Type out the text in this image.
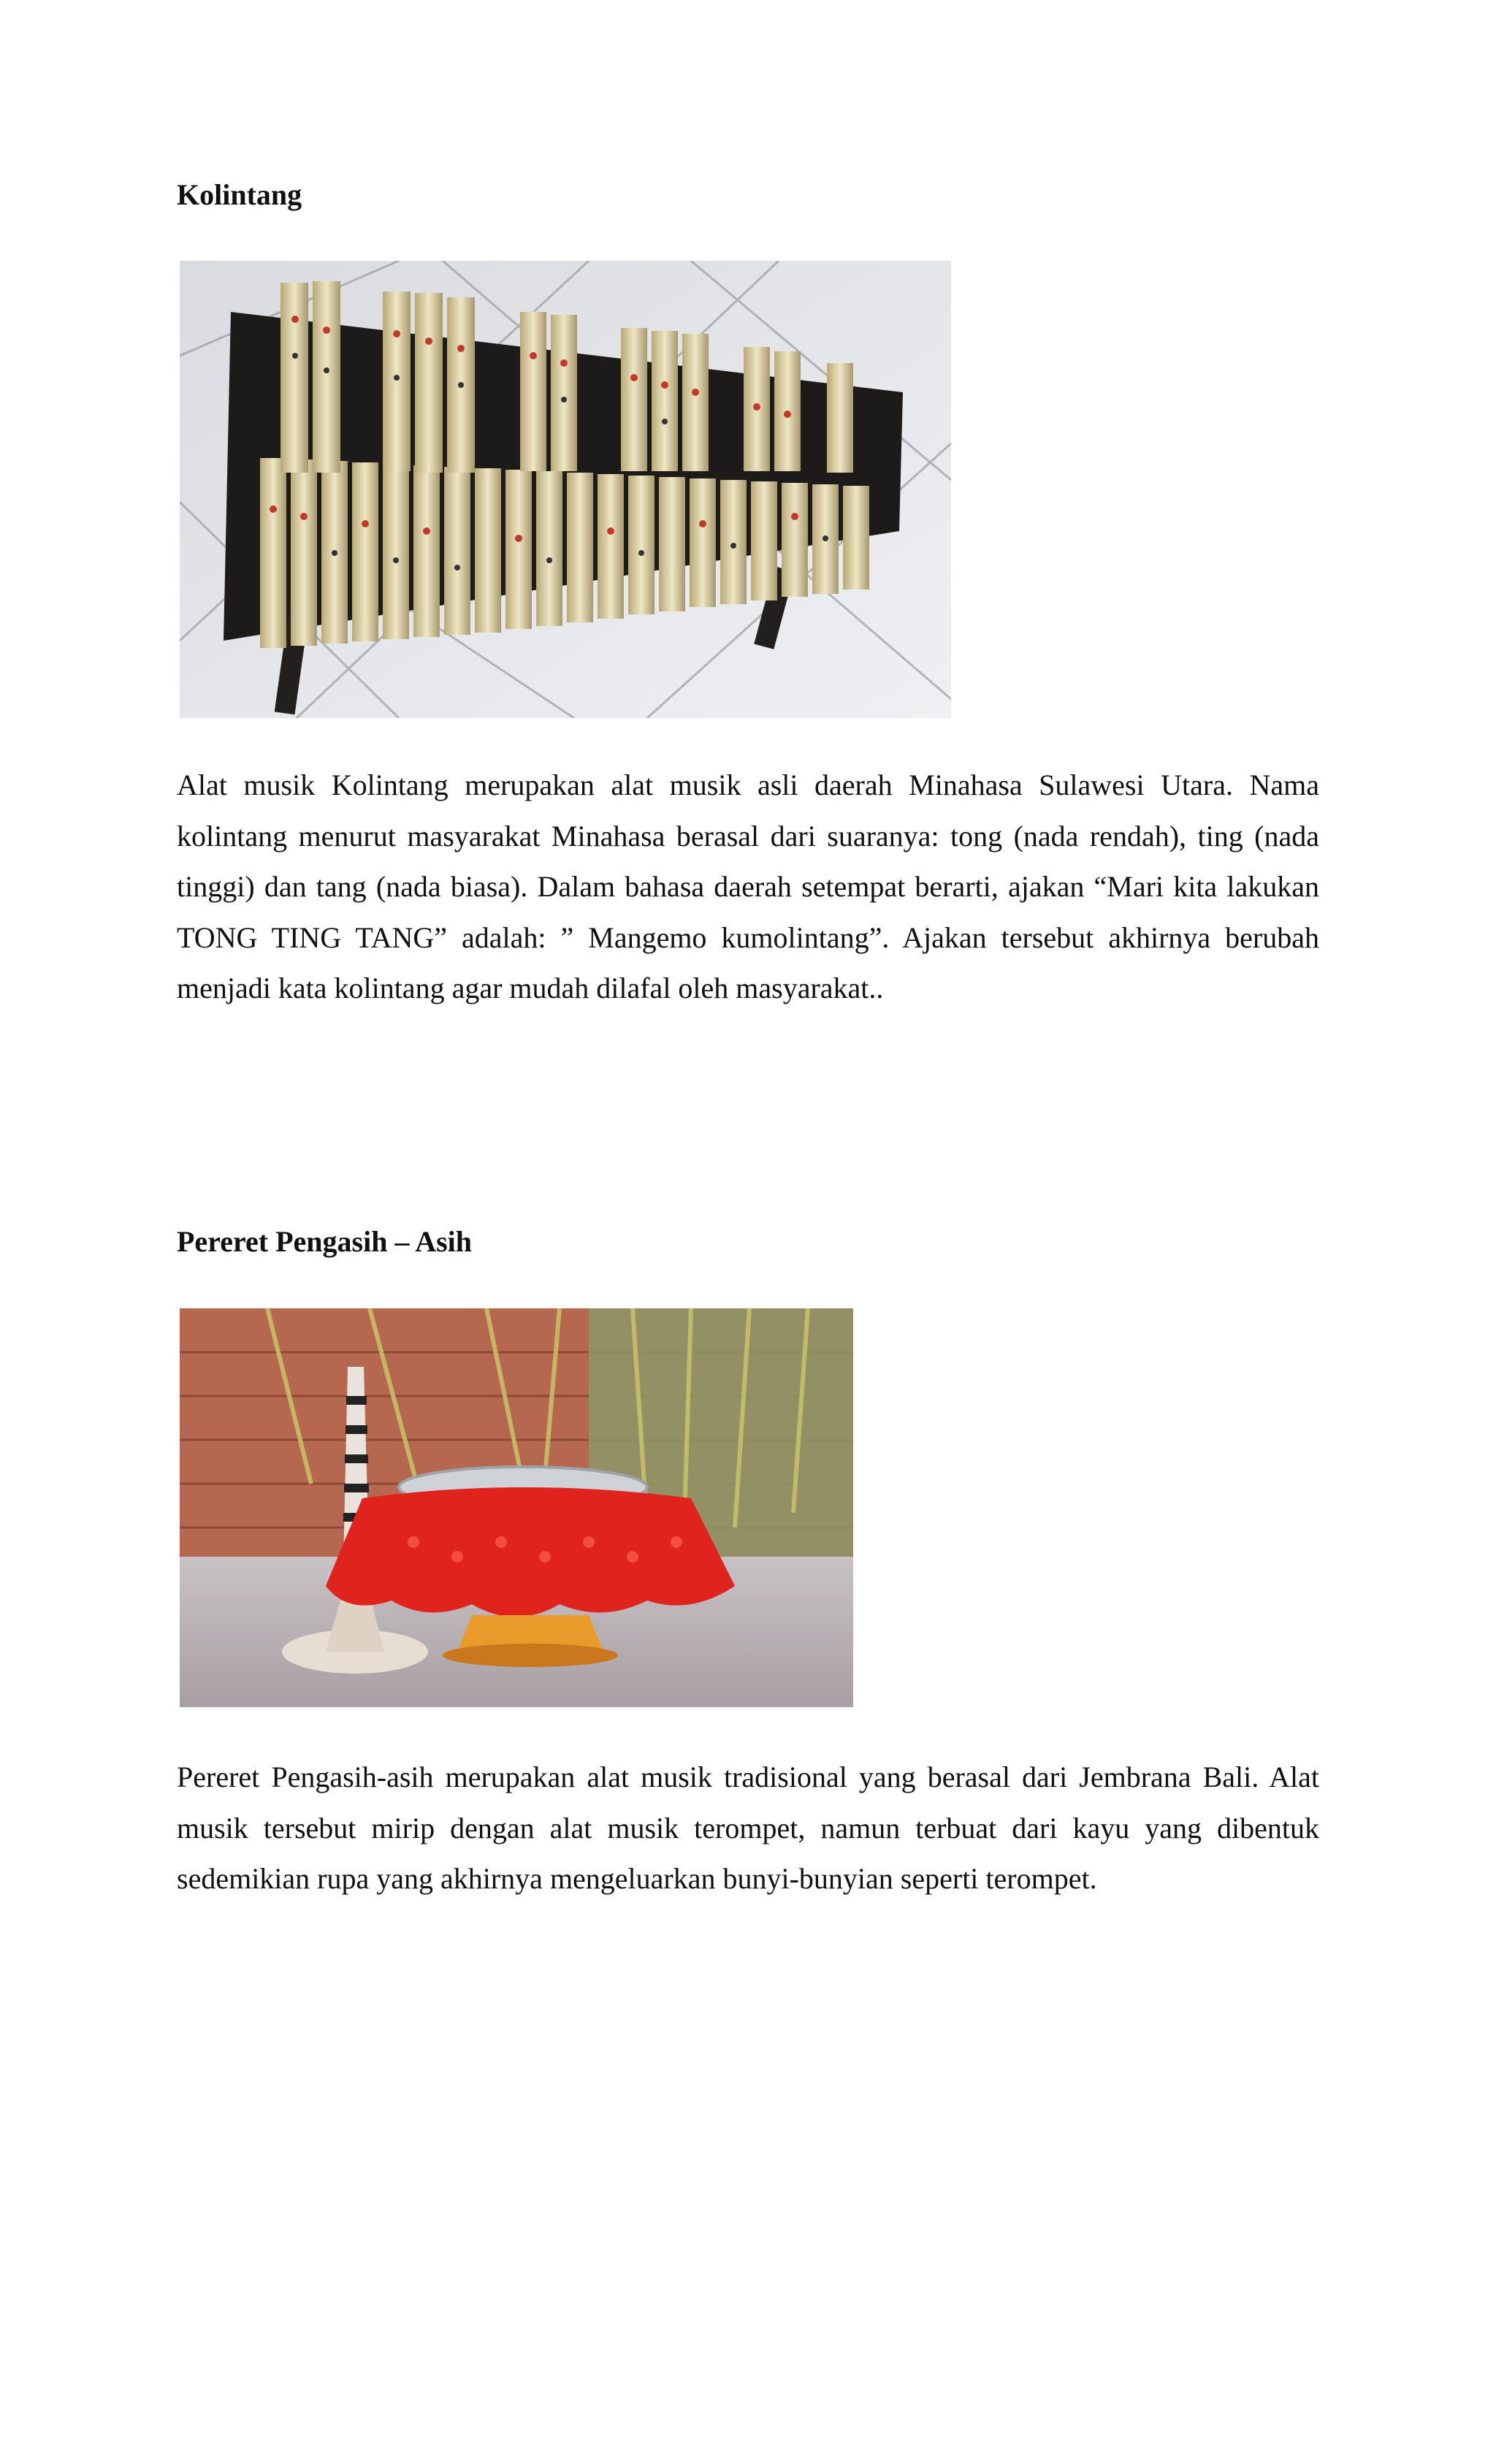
Kolintang

Alat musik Kolintang merupakan alat musik asli daerah Minahasa Sulawesi Utara. Nama kolintang menurut masyarakat Minahasa berasal dari suaranya: tong (nada rendah), ting (nada tinggi) dan tang (nada biasa). Dalam bahasa daerah setempat berarti, ajakan “Mari kita lakukan TONG TING TANG” adalah: ” Mangemo kumolintang”. Ajakan tersebut akhirnya berubah menjadi kata kolintang agar mudah dilafal oleh masyarakat..

Pereret Pengasih – Asih

Pereret Pengasih-asih merupakan alat musik tradisional yang berasal dari Jembrana Bali. Alat musik tersebut mirip dengan alat musik terompet, namun terbuat dari kayu yang dibentuk sedemikian rupa yang akhirnya mengeluarkan bunyi-bunyian seperti terompet.
